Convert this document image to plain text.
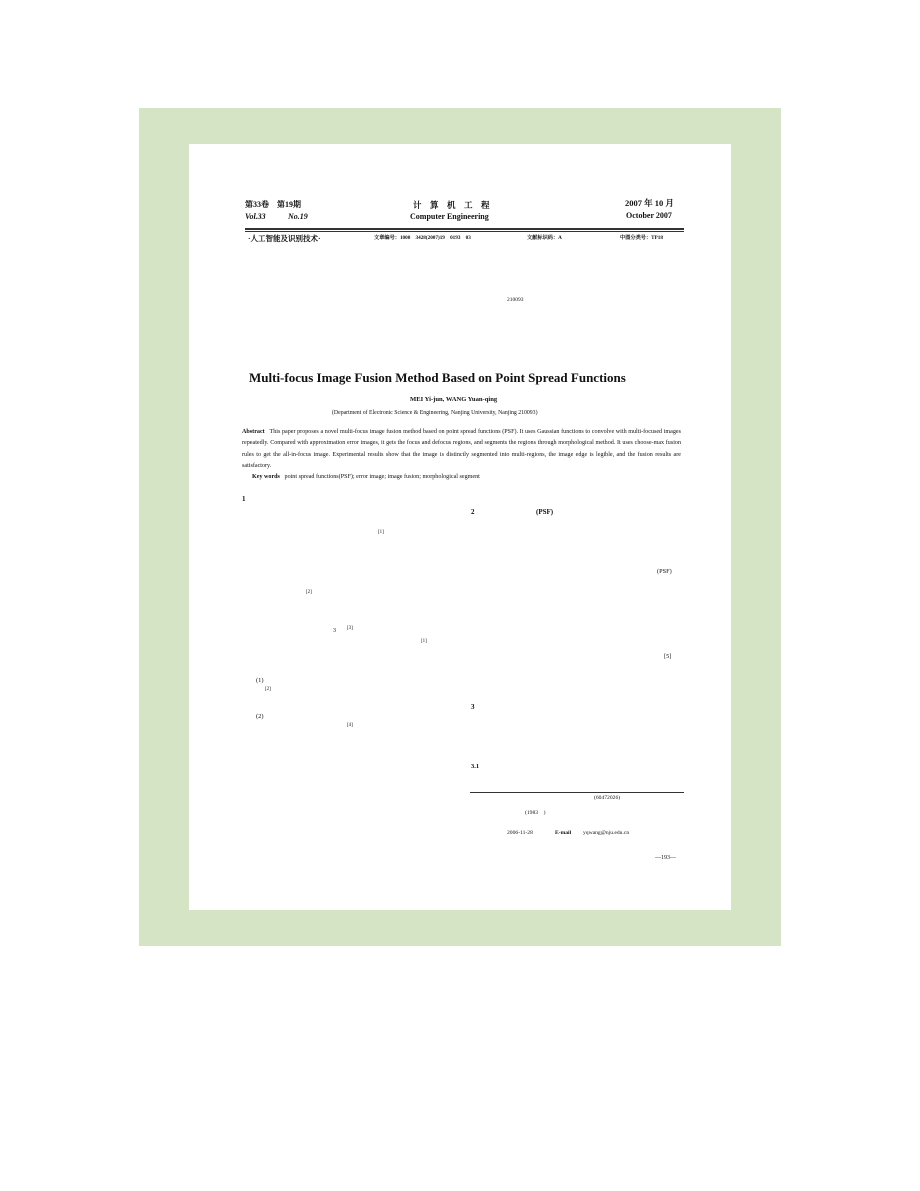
第33卷　第19期
Vol.33	No.19
计　算　机　工　程
Computer Engineering
2007 年 10 月
October 2007
·人工智能及识别技术·	文章编号：1000　3428(2007)19　0193　03	文献标识码：A	中图分类号：TP18
210093
Multi-focus Image Fusion Method Based on Point Spread Functions
MEI Yi-jun, WANG Yuan-qing
(Department of Electronic Science & Engineering, Nanjing University, Nanjing 210093)
Abstract This paper proposes a novel multi-focus image fusion method based on point spread functions (PSF). It uses Gaussian functions to convolve with multi-focused images repeatedly. Compared with approximation error images, it gets the focus and defocus regions, and segments the regions through morphological method. It uses choose-max fusion rules to get the all-in-focus image. Experimental results show that the image is distinctly segmented into multi-regions, the image edge is legible, and the fusion results are satisfactory.
Key words point spread functions(PSF); error image; image fusion; morphological segment
1
[1]
[2]
3 [3]
[1]
(1)
[2]
(2)
[4]
2	(PSF)
(PSF)
[5]
3
3.1
(60472026)
(1983　)
2006-11-28	E-mail yqwang@nju.edu.cn
—193—
